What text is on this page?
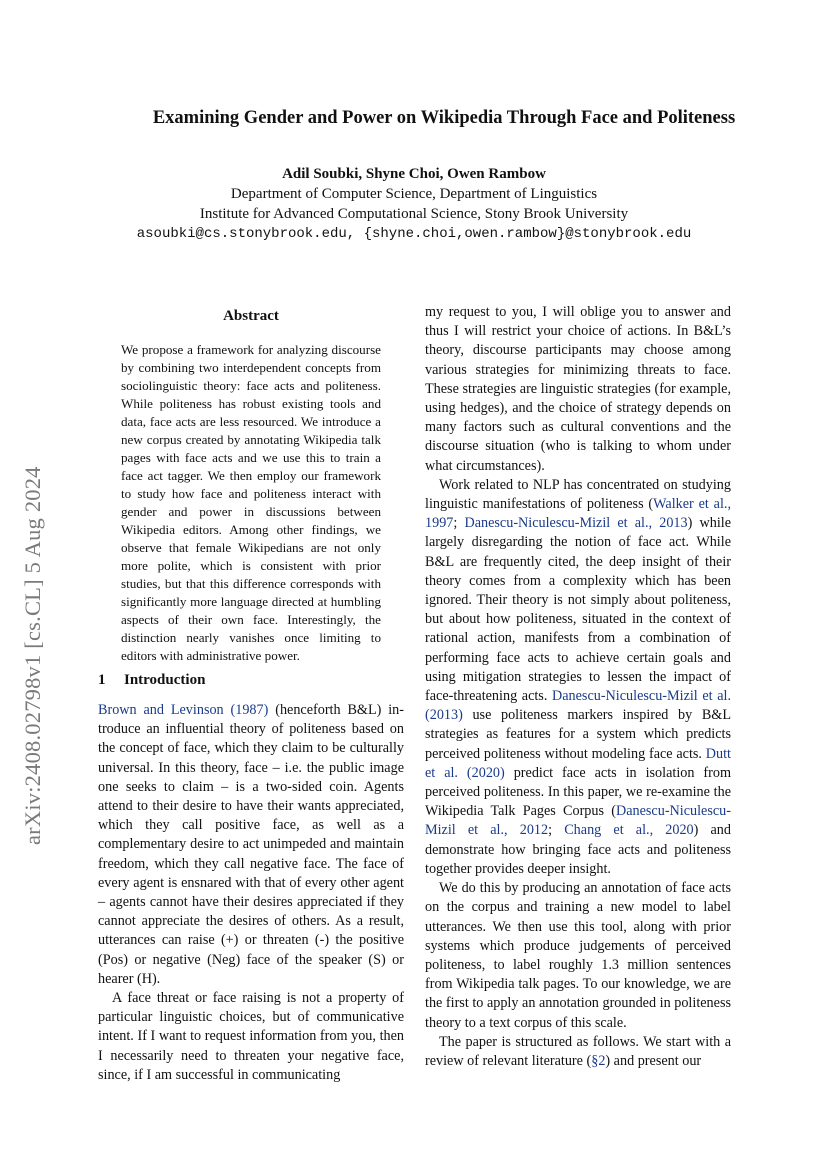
arXiv:2408.02798v1 [cs.CL] 5 Aug 2024
Examining Gender and Power on Wikipedia Through Face and Politeness
Adil Soubki, Shyne Choi, Owen Rambow
Department of Computer Science, Department of Linguistics
Institute for Advanced Computational Science, Stony Brook University
asoubki@cs.stonybrook.edu, {shyne.choi,owen.rambow}@stonybrook.edu
Abstract

We propose a framework for analyzing discourse by combining two interdependent concepts from sociolinguistic theory: face acts and politeness. While politeness has robust existing tools and data, face acts are less resourced. We introduce a new corpus created by annotating Wikipedia talk pages with face acts and we use this to train a face act tagger. We then employ our framework to study how face and politeness interact with gender and power in discussions between Wikipedia editors. Among other findings, we observe that female Wikipedians are not only more polite, which is consistent with prior studies, but that this difference corresponds with significantly more language directed at humbling aspects of their own face. Interestingly, the distinction nearly vanishes once limiting to editors with administrative power.

1 Introduction

Brown and Levinson (1987) (henceforth B&L) introduce an influential theory of politeness based on the concept of face, which they claim to be culturally universal. In this theory, face – i.e. the public image one seeks to claim – is a two-sided coin. Agents attend to their desire to have their wants appreciated, which they call positive face, as well as a complementary desire to act unimpeded and maintain freedom, which they call negative face. The face of every agent is ensnared with that of every other agent – agents cannot have their desires appreciated if they cannot appreciate the desires of others. As a result, utterances can raise (+) or threaten (-) the positive (Pos) or negative (Neg) face of the speaker (S) or hearer (H).

A face threat or face raising is not a property of particular linguistic choices, but of communicative intent. If I want to request information from you, then I necessarily need to threaten your negative face, since, if I am successful in communicating

my request to you, I will oblige you to answer and thus I will restrict your choice of actions. In B&L’s theory, discourse participants may choose among various strategies for minimizing threats to face. These strategies are linguistic strategies (for example, using hedges), and the choice of strategy depends on many factors such as cultural conventions and the discourse situation (who is talking to whom under what circumstances).

Work related to NLP has concentrated on studying linguistic manifestations of politeness (Walker et al., 1997; Danescu-Niculescu-Mizil et al., 2013) while largely disregarding the notion of face act. While B&L are frequently cited, the deep insight of their theory comes from a complexity which has been ignored. Their theory is not simply about politeness, but about how politeness, situated in the context of rational action, manifests from a combination of performing face acts to achieve certain goals and using mitigation strategies to lessen the impact of face-threatening acts. Danescu-Niculescu-Mizil et al. (2013) use politeness markers inspired by B&L strategies as features for a system which predicts perceived politeness without modeling face acts. Dutt et al. (2020) predict face acts in isolation from perceived politeness. In this paper, we re-examine the Wikipedia Talk Pages Corpus (Danescu-Niculescu-Mizil et al., 2012; Chang et al., 2020) and demonstrate how bringing face acts and politeness together provides deeper insight.

We do this by producing an annotation of face acts on the corpus and training a new model to label utterances. We then use this tool, along with prior systems which produce judgements of perceived politeness, to label roughly 1.3 million sentences from Wikipedia talk pages. To our knowledge, we are the first to apply an annotation grounded in politeness theory to a text corpus of this scale.

The paper is structured as follows. We start with a review of relevant literature (§2) and present our
